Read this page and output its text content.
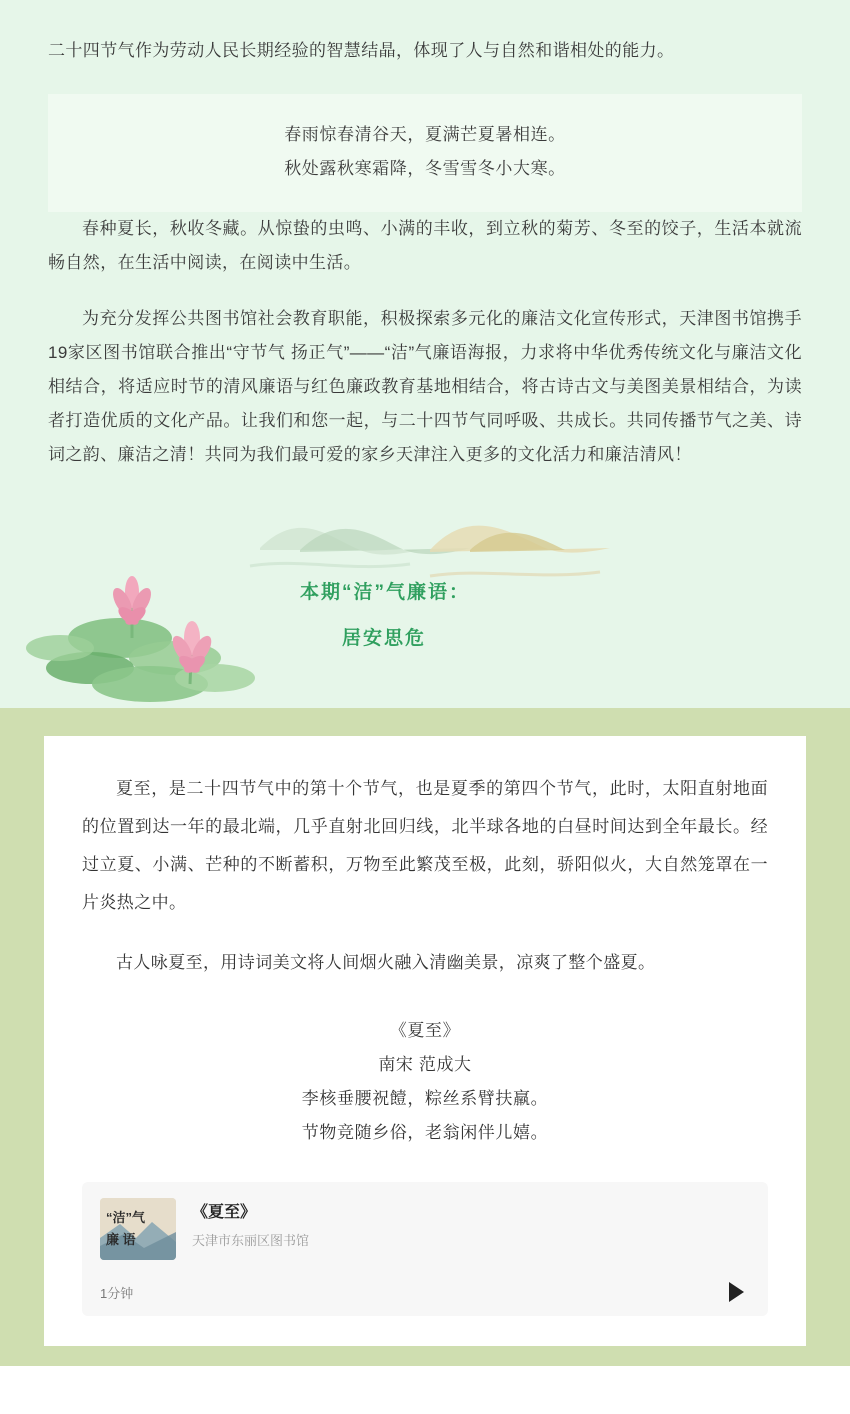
二十四节气作为劳动人民长期经验的智慧结晶，体现了人与自然和谐相处的能力。

春雨惊春清谷天，夏满芒夏暑相连。
秋处露秋寒霜降，冬雪雪冬小大寒。

春种夏长，秋收冬藏。从惊蛰的虫鸣、小满的丰收，到立秋的菊芳、冬至的饺子，生活本就流畅自然，在生活中阅读，在阅读中生活。

为充分发挥公共图书馆社会教育职能，积极探索多元化的廉洁文化宣传形式，天津图书馆携手19家区图书馆联合推出“守节气 扬正气”——“洁”气廉语海报，力求将中华优秀传统文化与廉洁文化相结合，将适应时节的清风廉语与红色廉政教育基地相结合，将古诗古文与美图美景相结合，为读者打造优质的文化产品。让我们和您一起，与二十四节气同呼吸、共成长。共同传播节气之美、诗词之韵、廉洁之清！共同为我们最可爱的家乡天津注入更多的文化活力和廉洁清风！

本期“洁”气廉语：
居安思危

夏至，是二十四节气中的第十个节气，也是夏季的第四个节气，此时，太阳直射地面的位置到达一年的最北端，几乎直射北回归线，北半球各地的白昼时间达到全年最长。经过立夏、小满、芒种的不断蓄积，万物至此繁茂至极，此刻，骄阳似火，大自然笼罩在一片炎热之中。

古人咏夏至，用诗词美文将人间烟火融入清幽美景，凉爽了整个盛夏。

《夏至》
南宋 范成大
李核垂腰祝饐，粽丝系臂扶羸。
节物竞随乡俗，老翁闲伴儿嬉。
“洁”气
廉 语
《夏至》
天津市东丽区图书馆
1分钟
